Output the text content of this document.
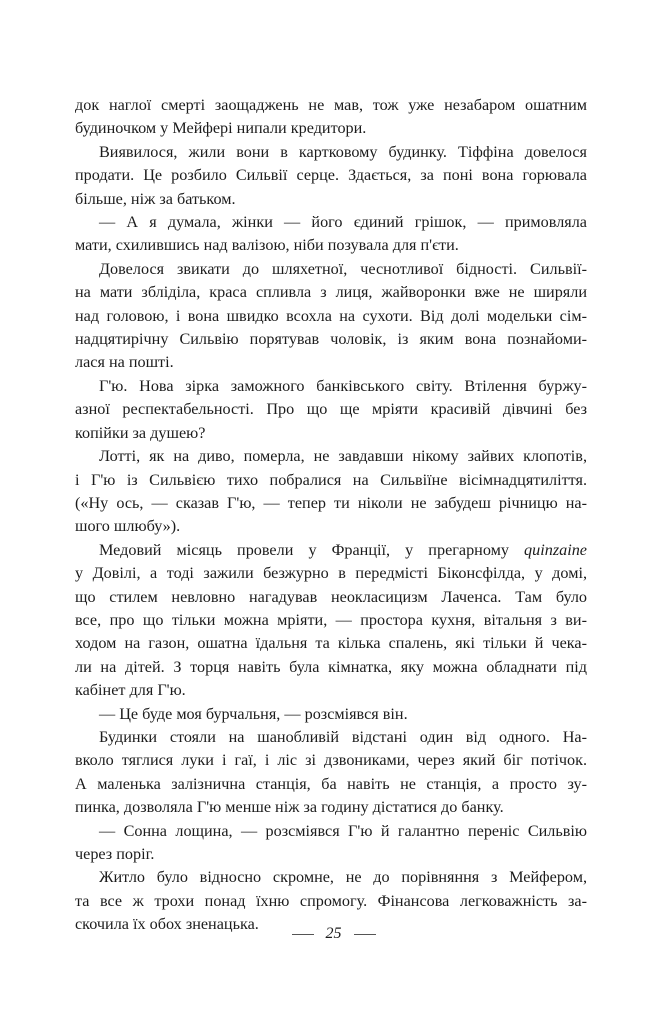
док наглої смерті заощаджень не мав, тож уже незабаром ошатним
будиночком у Мейфері нипали кредитори.
Виявилося, жили вони в картковому будинку. Тіффіна довелося
продати. Це розбило Сильвії серце. Здається, за поні вона горювала
більше, ніж за батьком.
— А я думала, жінки — його єдиний грішок, — примовляла
мати, схилившись над валізою, ніби позувала для п'єти.
Довелося звикати до шляхетної, чеснотливої бідності. Сильвії-
на мати збліділа, краса спливла з лиця, жайворонки вже не ширяли
над головою, і вона швидко всохла на сухоти. Від долі модельки сім-
надцятирічну Сильвію порятував чоловік, із яким вона познайоми-
лася на пошті.
Г'ю. Нова зірка заможного банківського світу. Втілення буржу-
азної респектабельності. Про що ще мріяти красивій дівчині без
копійки за душею?
Лотті, як на диво, померла, не завдавши нікому зайвих клопотів,
і Г'ю із Сильвією тихо побралися на Сильвіїне вісімнадцятиліття.
(«Ну ось, — сказав Г'ю, — тепер ти ніколи не забудеш річницю на-
шого шлюбу»).
Медовий місяць провели у Франції, у прегарному quinzaine
у Довілі, а тоді зажили безжурно в передмісті Біконсфілда, у домі,
що стилем невловно нагадував неокласицизм Лаченса. Там було
все, про що тільки можна мріяти, — простора кухня, вітальня з ви-
ходом на газон, ошатна їдальня та кілька спалень, які тільки й чека-
ли на дітей. З торця навіть була кімнатка, яку можна обладнати під
кабінет для Г'ю.
— Це буде моя бурчальня, — розсміявся він.
Будинки стояли на шанобливій відстані один від одного. На-
вколо тяглися луки і гаї, і ліс зі дзвониками, через який біг потічок.
А маленька залізнична станція, ба навіть не станція, а просто зу-
пинка, дозволяла Г'ю менше ніж за годину дістатися до банку.
— Сонна лощина, — розсміявся Г'ю й галантно переніс Сильвію
через поріг.
Житло було відносно скромне, не до порівняння з Мейфером,
та все ж трохи понад їхню спромогу. Фінансова легковажність за-
скочила їх обох зненацька.
25
